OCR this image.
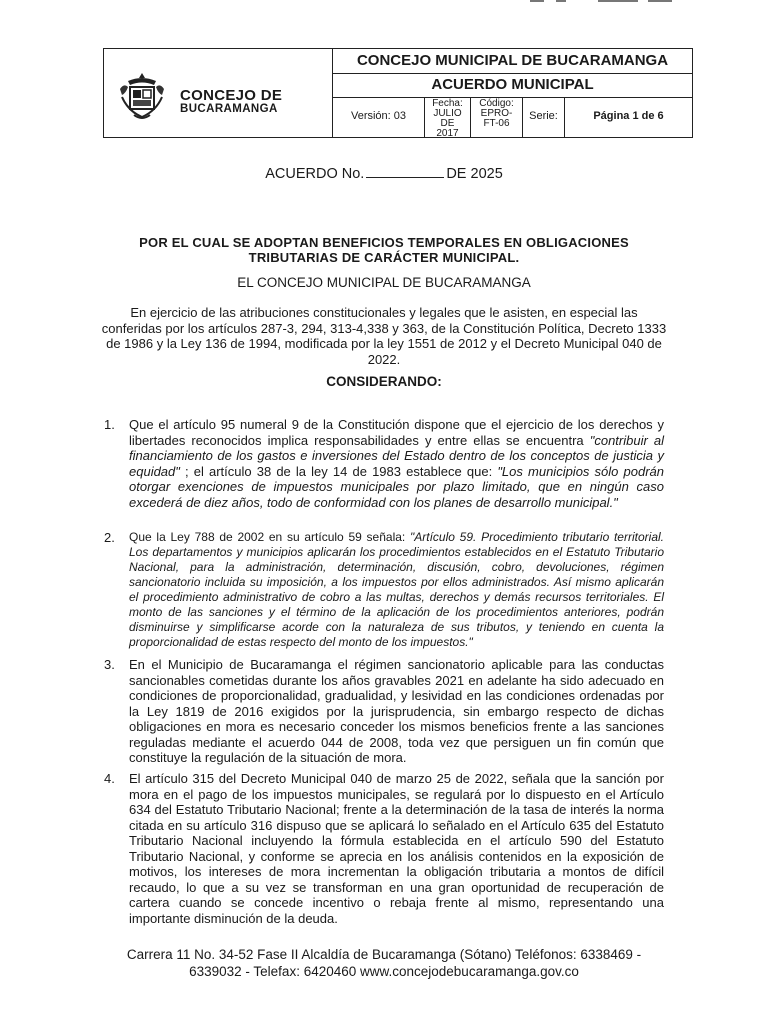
CONCEJO DE
BUCARAMANGA
CONCEJO MUNICIPAL DE BUCARAMANGA
ACUERDO MUNICIPAL
Versión: 03
Fecha:
JULIO
DE
2017
Código:
EPRO-
FT-06
Serie:	Página 1 de 6
ACUERDO No.	DE 2025
POR EL CUAL SE ADOPTAN BENEFICIOS TEMPORALES EN OBLIGACIONES TRIBUTARIAS DE CARÁCTER MUNICIPAL.
EL CONCEJO MUNICIPAL DE BUCARAMANGA
En ejercicio de las atribuciones constitucionales y legales que le asisten, en especial las conferidas por los artículos 287-3, 294, 313-4,338 y 363, de la Constitución Política, Decreto 1333 de 1986 y la Ley 136 de 1994, modificada por la ley 1551 de 2012 y el Decreto Municipal 040 de 2022.
CONSIDERANDO:
1. Que el artículo 95 numeral 9 de la Constitución dispone que el ejercicio de los derechos y libertades reconocidos implica responsabilidades y entre ellas se encuentra "contribuir al financiamiento de los gastos e inversiones del Estado dentro de los conceptos de justicia y equidad" ; el artículo 38 de la ley 14 de 1983 establece que: "Los municipios sólo podrán otorgar exenciones de impuestos municipales por plazo limitado, que en ningún caso excederá de diez años, todo de conformidad con los planes de desarrollo municipal."
2. Que la Ley 788 de 2002 en su artículo 59 señala: "Artículo 59. Procedimiento tributario territorial. Los departamentos y municipios aplicarán los procedimientos establecidos en el Estatuto Tributario Nacional, para la administración, determinación, discusión, cobro, devoluciones, régimen sancionatorio incluida su imposición, a los impuestos por ellos administrados. Así mismo aplicarán el procedimiento administrativo de cobro a las multas, derechos y demás recursos territoriales. El monto de las sanciones y el término de la aplicación de los procedimientos anteriores, podrán disminuirse y simplificarse acorde con la naturaleza de sus tributos, y teniendo en cuenta la proporcionalidad de estas respecto del monto de los impuestos."
3. En el Municipio de Bucaramanga el régimen sancionatorio aplicable para las conductas sancionables cometidas durante los años gravables 2021 en adelante ha sido adecuado en condiciones de proporcionalidad, gradualidad, y lesividad en las condiciones ordenadas por la Ley 1819 de 2016 exigidos por la jurisprudencia, sin embargo respecto de dichas obligaciones en mora es necesario conceder los mismos beneficios frente a las sanciones reguladas mediante el acuerdo 044 de 2008, toda vez que persiguen un fin común que constituye la regulación de la situación de mora.
4. El artículo 315 del Decreto Municipal 040 de marzo 25 de 2022, señala que la sanción por mora en el pago de los impuestos municipales, se regulará por lo dispuesto en el Artículo 634 del Estatuto Tributario Nacional; frente a la determinación de la tasa de interés la norma citada en su artículo 316 dispuso que se aplicará lo señalado en el Artículo 635 del Estatuto Tributario Nacional incluyendo la fórmula establecida en el artículo 590 del Estatuto Tributario Nacional, y conforme se aprecia en los análisis contenidos en la exposición de motivos, los intereses de mora incrementan la obligación tributaria a montos de difícil recaudo, lo que a su vez se transforman en una gran oportunidad de recuperación de cartera cuando se concede incentivo o rebaja frente al mismo, representando una importante disminución de la deuda.
Carrera 11 No. 34-52 Fase II Alcaldía de Bucaramanga (Sótano) Teléfonos: 6338469 -
6339032 - Telefax: 6420460 www.concejodebucaramanga.gov.co
